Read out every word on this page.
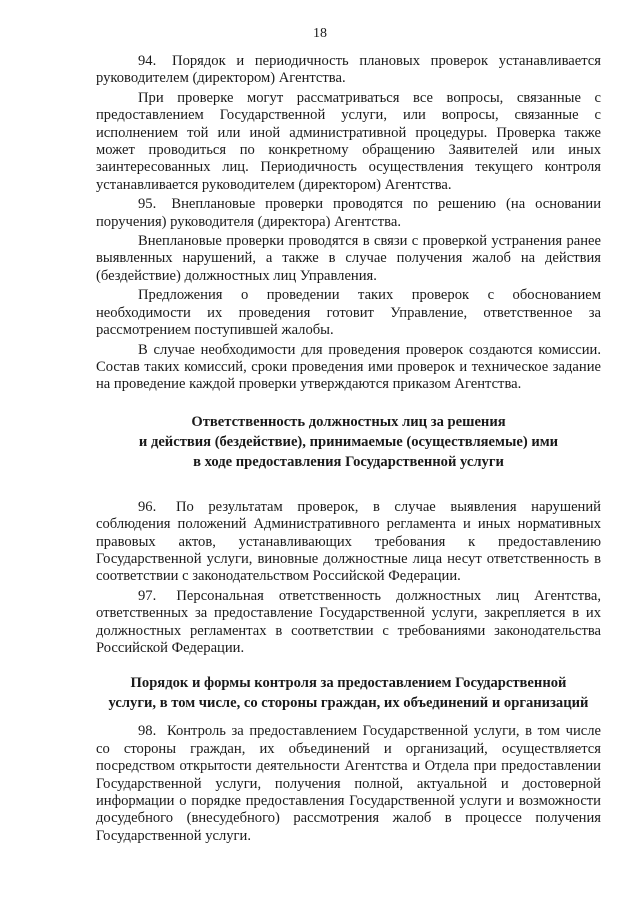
18

94. Порядок и периодичность плановых проверок устанавливается руководителем (директором) Агентства.

При проверке могут рассматриваться все вопросы, связанные с предоставлением Государственной услуги, или вопросы, связанные с исполнением той или иной административной процедуры. Проверка также может проводиться по конкретному обращению Заявителей или иных заинтересованных лиц. Периодичность осуществления текущего контроля устанавливается руководителем (директором) Агентства.

95. Внеплановые проверки проводятся по решению (на основании поручения) руководителя (директора) Агентства.

Внеплановые проверки проводятся в связи с проверкой устранения ранее выявленных нарушений, а также в случае получения жалоб на действия (бездействие) должностных лиц Управления.

Предложения о проведении таких проверок с обоснованием необходимости их проведения готовит Управление, ответственное за рассмотрением поступившей жалобы.

В случае необходимости для проведения проверок создаются комиссии. Состав таких комиссий, сроки проведения ими проверок и техническое задание на проведение каждой проверки утверждаются приказом Агентства.

Ответственность должностных лиц за решения
и действия (бездействие), принимаемые (осуществляемые) ими
в ходе предоставления Государственной услуги

96. По результатам проверок, в случае выявления нарушений соблюдения положений Административного регламента и иных нормативных правовых актов, устанавливающих требования к предоставлению Государственной услуги, виновные должностные лица несут ответственность в соответствии с законодательством Российской Федерации.

97. Персональная ответственность должностных лиц Агентства, ответственных за предоставление Государственной услуги, закрепляется в их должностных регламентах в соответствии с требованиями законодательства Российской Федерации.

Порядок и формы контроля за предоставлением Государственной
услуги, в том числе, со стороны граждан, их объединений и организаций

98. Контроль за предоставлением Государственной услуги, в том числе со стороны граждан, их объединений и организаций, осуществляется посредством открытости деятельности Агентства и Отдела при предоставлении Государственной услуги, получения полной, актуальной и достоверной информации о порядке предоставления Государственной услуги и возможности досудебного (внесудебного) рассмотрения жалоб в процессе получения Государственной услуги.
